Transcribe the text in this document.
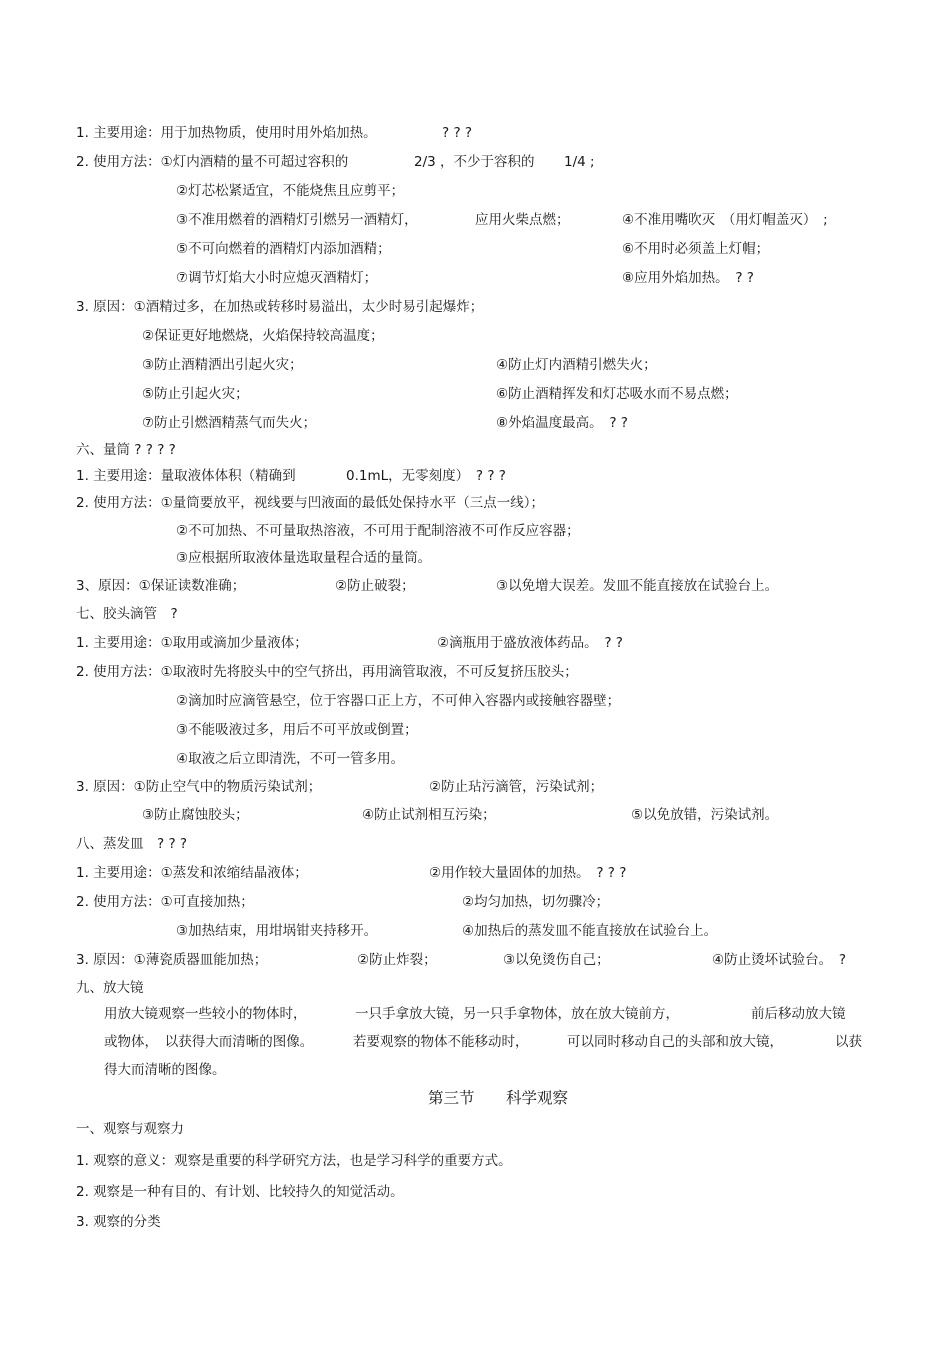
1. 主要用途：用于加热物质，使用时用外焰加热。	? ? ?
2. 使用方法：①灯内酒精的量不可超过容积的	2/3 ，不少于容积的 1/4 ;
②灯芯松紧适宜，不能烧焦且应剪平；
③不准用燃着的酒精灯引燃另一酒精灯，	应用火柴点燃；	④不准用嘴吹灭　（用灯帽盖灭）　;
⑤不可向燃着的酒精灯内添加酒精；	⑥不用时必须盖上灯帽；
⑦调节灯焰大小时应熄灭酒精灯；	⑧应用外焰加热。　? ?
3. 原因：①酒精过多，在加热或转移时易溢出，太少时易引起爆炸；
②保证更好地燃烧，火焰保持较高温度；
③防止酒精洒出引起火灾；	④防止灯内酒精引燃失火；
⑤防止引起火灾；	⑥防止酒精挥发和灯芯吸水而不易点燃；
⑦防止引燃酒精蒸气而失火；	⑧外焰温度最高。　? ?
六、量筒 ? ? ? ?
1. 主要用途：量取液体体积（精确到	0.1mL，无零刻度）　? ? ?
2. 使用方法：①量筒要放平，视线要与凹液面的最低处保持水平（三点一线）；
②不可加热、不可量取热溶液，不可用于配制溶液不可作反应容器；
③应根据所取液体量选取量程合适的量筒。
3、原因：①保证读数准确；	②防止破裂；	③以免增大误差。发皿不能直接放在试验台上。
七、胶头滴管　?
1. 主要用途：①取用或滴加少量液体；	②滴瓶用于盛放液体药品。　? ?
2. 使用方法：①取液时先将胶头中的空气挤出，再用滴管取液，不可反复挤压胶头；
②滴加时应滴管悬空，位于容器口正上方，不可伸入容器内或接触容器壁；
③不能吸液过多，用后不可平放或倒置；
④取液之后立即清洗，不可一管多用。
3. 原因：①防止空气中的物质污染试剂；	②防止玷污滴管，污染试剂；
③防止腐蚀胶头；	④防止试剂相互污染；	⑤以免放错，污染试剂。
八、蒸发皿　? ? ?
1. 主要用途：①蒸发和浓缩结晶液体；	②用作较大量固体的加热。　? ? ?
2. 使用方法：①可直接加热；	②均匀加热，切勿骤冷；
③加热结束，用坩埚钳夹持移开。	④加热后的蒸发皿不能直接放在试验台上。
3. 原因：①薄瓷质器皿能加热；	②防止炸裂；	③以免烫伤自己；	④防止烫坏试验台。　?
九、放大镜
用放大镜观察一些较小的物体时，	一只手拿放大镜，另一只手拿物体，放在放大镜前方，	前后移动放大镜
或物体，　以获得大而清晰的图像。	若要观察的物体不能移动时，	可以同时移动自己的头部和放大镜，	以获
得大而清晰的图像。
第三节 科学观察
一、观察与观察力
1. 观察的意义：观察是重要的科学研究方法，也是学习科学的重要方式。
2. 观察是一种有目的、有计划、比较持久的知觉活动。
3. 观察的分类
